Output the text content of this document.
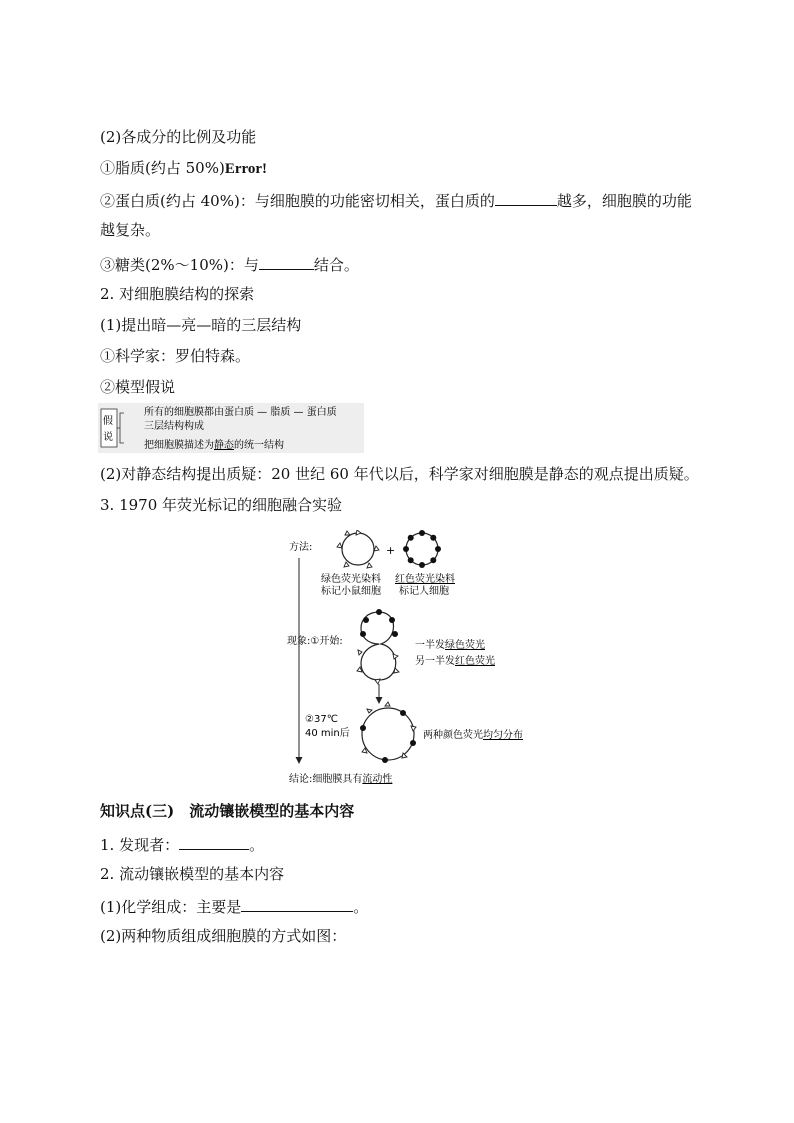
(2)各成分的比例及功能
①脂质(约占 50%)Error!
②蛋白质(约占 40%)：与细胞膜的功能密切相关，蛋白质的	越多，细胞膜的功能
越复杂。
③糖类(2%～10%)：与	结合。
2. 对细胞膜结构的探索
(1)提出暗—亮—暗的三层结构
①科学家：罗伯特森。
②模型假说
假
说
所有的细胞膜都由蛋白质 — 脂质 — 蛋白质
三层结构构成
把细胞膜描述为静态的统一结构
(2)对静态结构提出质疑：20 世纪 60 年代以后，科学家对细胞膜是静态的观点提出质疑。
3. 1970 年荧光标记的细胞融合实验
方法:	+
绿色荧光染料
标记小鼠细胞
红色荧光染料
标记人细胞
现象:①开始:	一半发绿色荧光
另一半发红色荧光
②37℃
40 min后	两种颜色荧光均匀分布
结论:细胞膜具有流动性
知识点(三)　流动镶嵌模型的基本内容
1. 发现者：	。
2. 流动镶嵌模型的基本内容
(1)化学组成：主要是	。
(2)两种物质组成细胞膜的方式如图：
